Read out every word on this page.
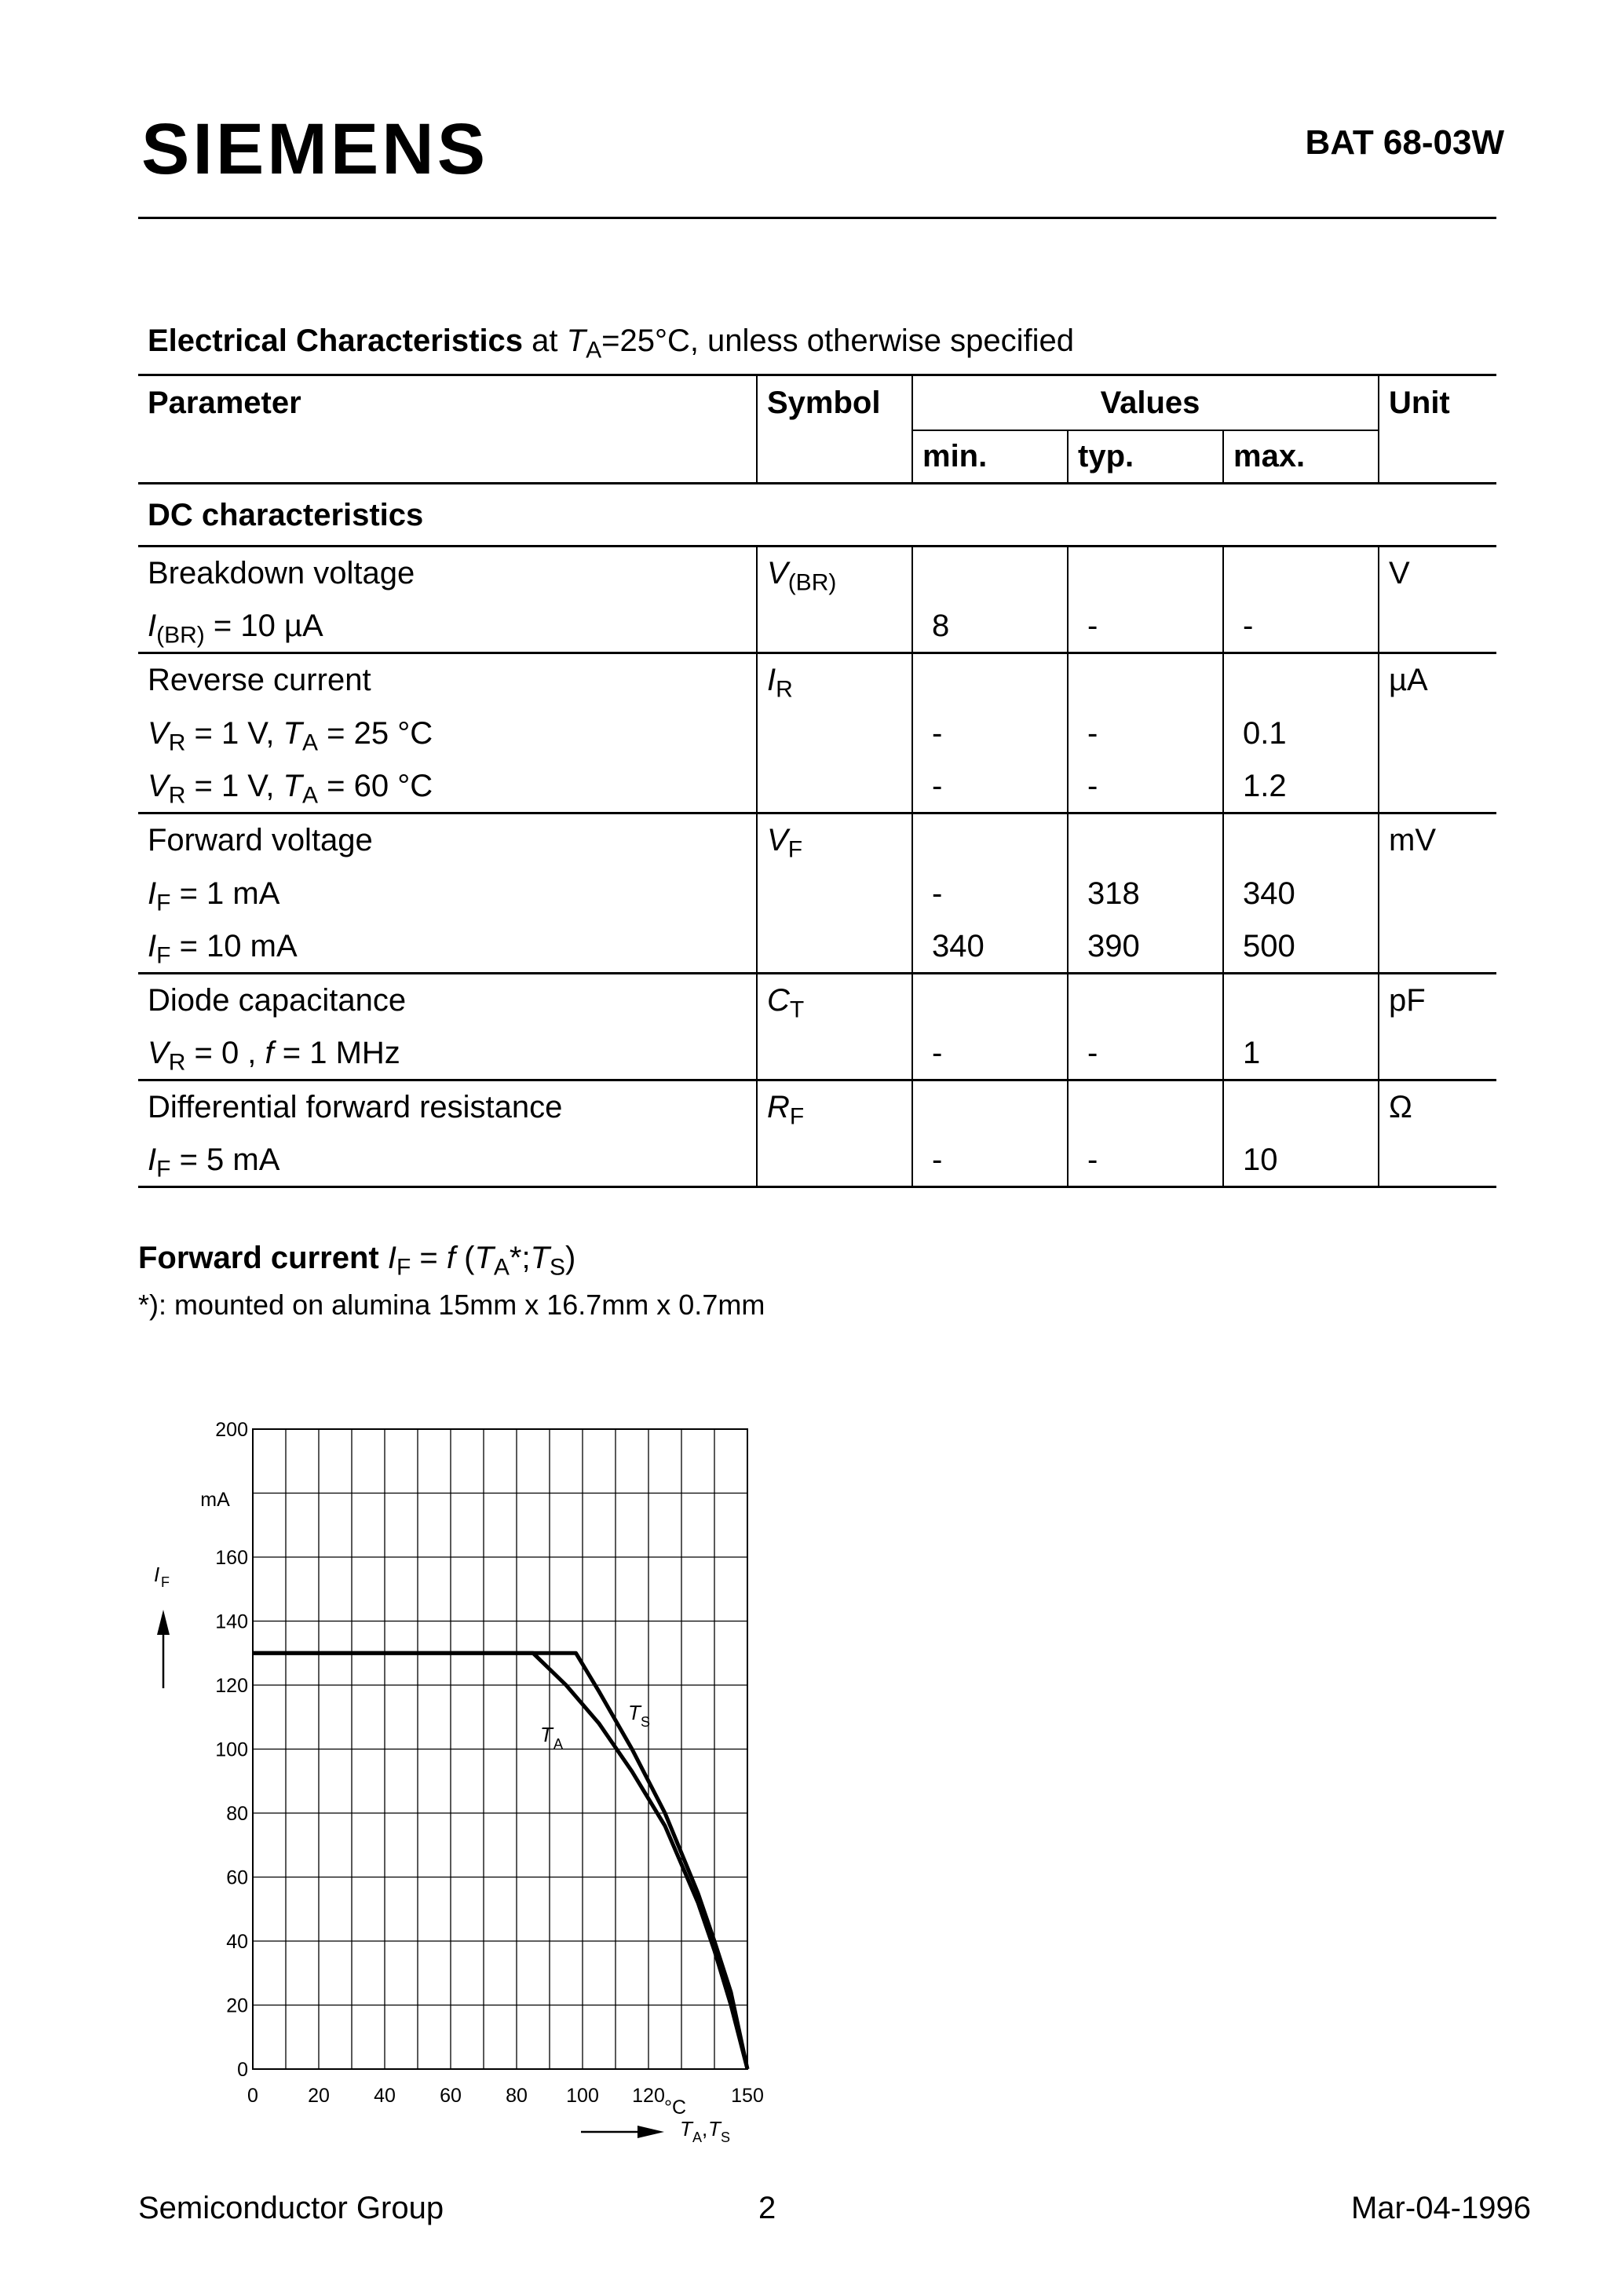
SIEMENS	BAT 68-03W
Electrical Characteristics at $T_A=25^\circ C$, unless otherwise specified
Parameter	Symbol	Values			Unit
		min.	typ.	max.	
DC characteristics					
Breakdown voltage	$V_{(BR)}$				V
$I_{(BR)} = 10$ µA		8	-	-	
Reverse current	$I_R$				µA
$V_R = 1$ V, $T_A = 25$ °C		-	-	0.1	
$V_R = 1$ V, $T_A = 60$ °C		-	-	1.2	
Forward voltage	$V_F$				mV
$I_F = 1$ mA		-	318	340	
$I_F = 10$ mA		340	390	500	
Diode capacitance	$C_T$				pF
$V_R = 0$ , f = 1 MHz		-	-	1	
Differential forward resistance	$R_F$				Ω
$I_F = 5$ mA		-	-	10	
Forward current $I_F = f$ $(T_A*;T_S)$
*): mounted on alumina 15mm x 16.7mm x 0.7mm
0	20 40 60 80 100 120	150
0
20
40
60
80
100
120
140
160
200
mA
°C
I F
T A , T S
T A
T S
Semiconductor Group	2	Mar-04-1996
